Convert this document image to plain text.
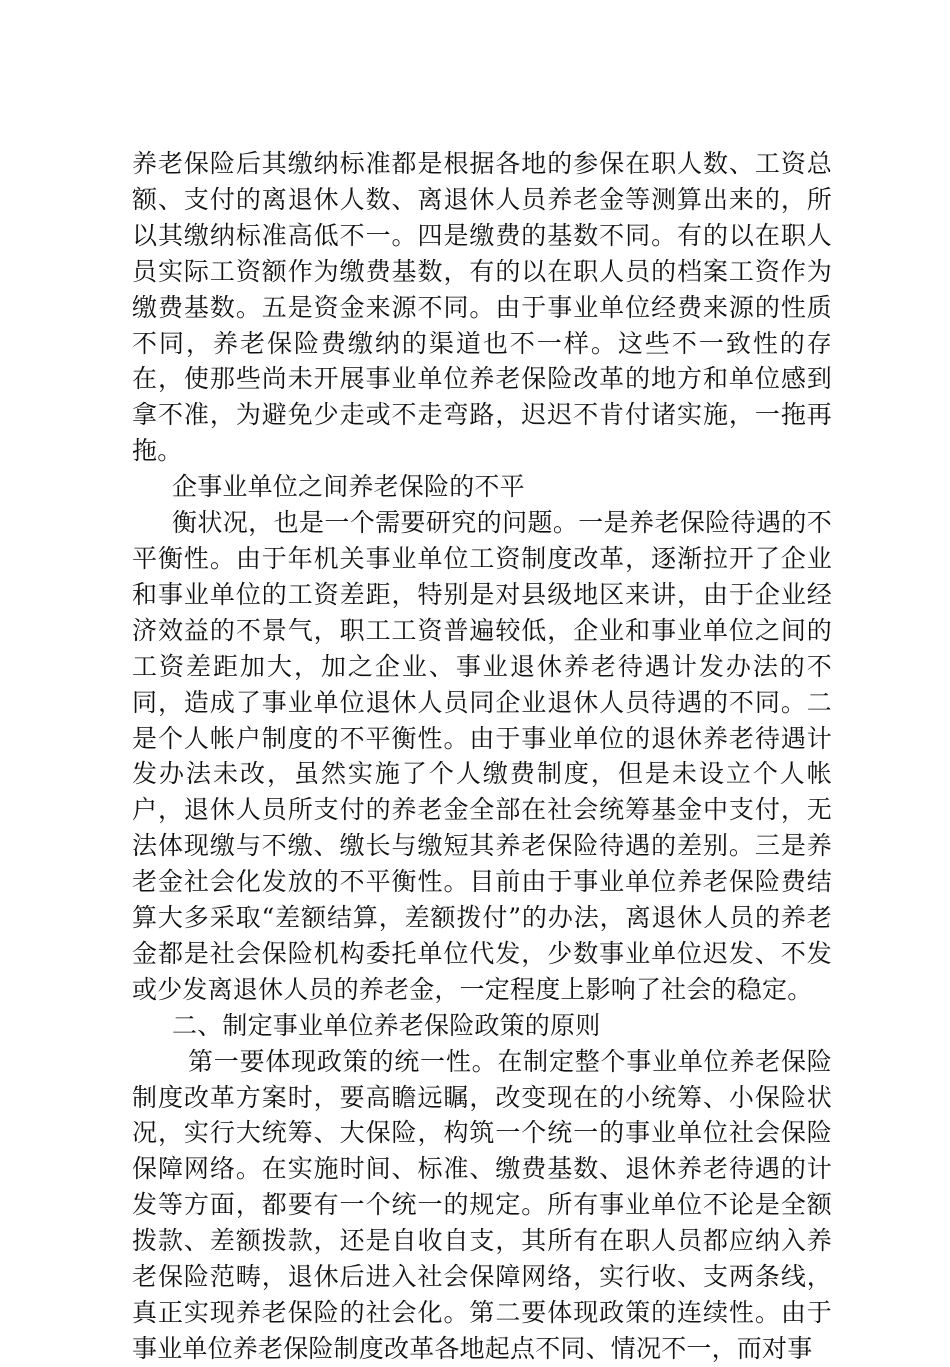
养老保险后其缴纳标准都是根据各地的参保在职人数、工资总额、支付的离退休人数、离退休人员养老金等测算出来的，所以其缴纳标准高低不一。四是缴费的基数不同。有的以在职人员实际工资额作为缴费基数，有的以在职人员的档案工资作为缴费基数。五是资金来源不同。由于事业单位经费来源的性质不同，养老保险费缴纳的渠道也不一样。这些不一致性的存在，使那些尚未开展事业单位养老保险改革的地方和单位感到拿不准，为避免少走或不走弯路，迟迟不肯付诸实施，一拖再拖。

企事业单位之间养老保险的不平

衡状况，也是一个需要研究的问题。一是养老保险待遇的不平衡性。由于年机关事业单位工资制度改革，逐渐拉开了企业和事业单位的工资差距，特别是对县级地区来讲，由于企业经济效益的不景气，职工工资普遍较低，企业和事业单位之间的工资差距加大，加之企业、事业退休养老待遇计发办法的不同，造成了事业单位退休人员同企业退休人员待遇的不同。二是个人帐户制度的不平衡性。由于事业单位的退休养老待遇计发办法未改，虽然实施了个人缴费制度，但是未设立个人帐户，退休人员所支付的养老金全部在社会统筹基金中支付，无法体现缴与不缴、缴长与缴短其养老保险待遇的差别。三是养老金社会化发放的不平衡性。目前由于事业单位养老保险费结算大多采取“差额结算，差额拨付”的办法，离退休人员的养老金都是社会保险机构委托单位代发，少数事业单位迟发、不发或少发离退休人员的养老金，一定程度上影响了社会的稳定。

二、制定事业单位养老保险政策的原则

第一要体现政策的统一性。在制定整个事业单位养老保险制度改革方案时，要高瞻远瞩，改变现在的小统筹、小保险状况，实行大统筹、大保险，构筑一个统一的事业单位社会保险保障网络。在实施时间、标准、缴费基数、退休养老待遇的计发等方面，都要有一个统一的规定。所有事业单位不论是全额拨款、差额拨款，还是自收自支，其所有在职人员都应纳入养老保险范畴，退休后进入社会保障网络，实行收、支两条线，真正实现养老保险的社会化。第二要体现政策的连续性。由于事业单位养老保险制度改革各地起点不同、情况不一，而对事
